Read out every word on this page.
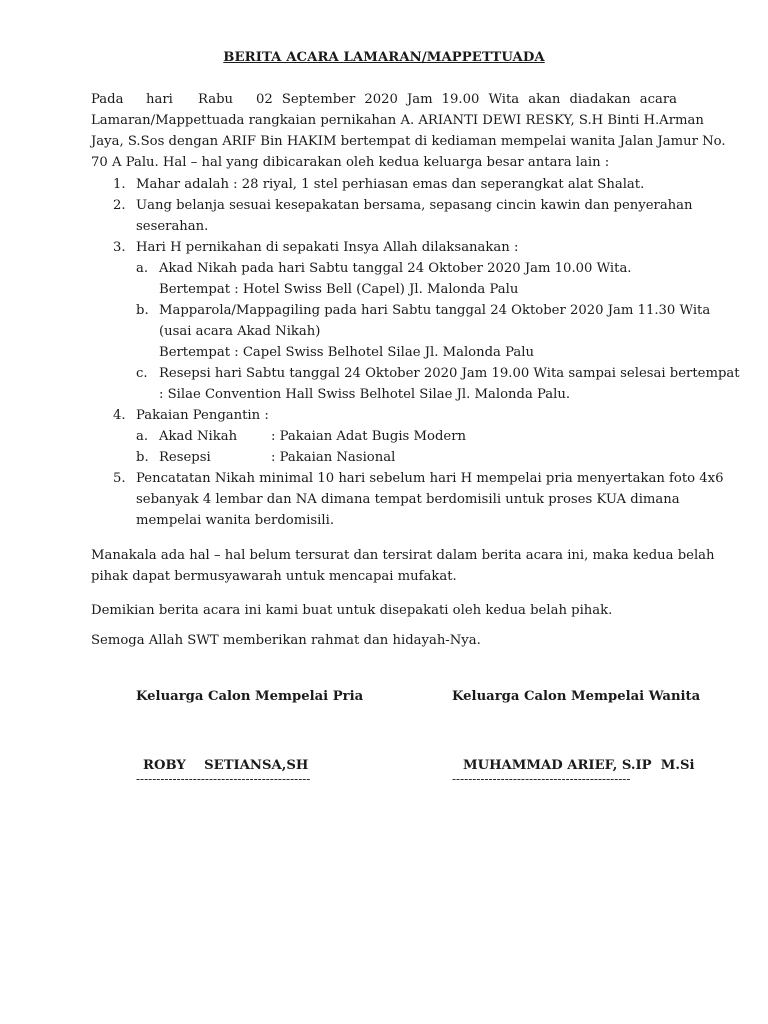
BERITA ACARA LAMARAN/MAPPETTUADA
Pada hari Rabu 02 September 2020 Jam 19.00 Wita akan diadakan acara
Lamaran/Mappettuada rangkaian pernikahan A. ARIANTI DEWI RESKY, S.H Binti H.Arman
Jaya, S.Sos dengan ARIF Bin HAKIM bertempat di kediaman mempelai wanita Jalan Jamur No.
70 A Palu. Hal – hal yang dibicarakan oleh kedua keluarga besar antara lain :
1. Mahar adalah : 28 riyal, 1 stel perhiasan emas dan seperangkat alat Shalat.
2. Uang belanja sesuai kesepakatan bersama, sepasang cincin kawin dan penyerahan
seserahan.
3. Hari H pernikahan di sepakati Insya Allah dilaksanakan :
a. Akad Nikah pada hari Sabtu tanggal 24 Oktober 2020 Jam 10.00 Wita.
Bertempat : Hotel Swiss Bell (Capel) Jl. Malonda Palu
b. Mapparola/Mappagiling pada hari Sabtu tanggal 24 Oktober 2020 Jam 11.30 Wita
(usai acara Akad Nikah)
Bertempat : Capel Swiss Belhotel Silae Jl. Malonda Palu
c. Resepsi hari Sabtu tanggal 24 Oktober 2020 Jam 19.00 Wita sampai selesai bertempat
: Silae Convention Hall Swiss Belhotel Silae Jl. Malonda Palu.
4. Pakaian Pengantin :
a. Akad Nikah	: Pakaian Adat Bugis Modern
b. Resepsi	: Pakaian Nasional
5. Pencatatan Nikah minimal 10 hari sebelum hari H mempelai pria menyertakan foto 4x6
sebanyak 4 lembar dan NA dimana tempat berdomisili untuk proses KUA dimana
mempelai wanita berdomisili.
Manakala ada hal – hal belum tersurat dan tersirat dalam berita acara ini, maka kedua belah
pihak dapat bermusyawarah untuk mencapai mufakat.
Demikian berita acara ini kami buat untuk disepakati oleh kedua belah pihak.
Semoga Allah SWT memberikan rahmat dan hidayah-Nya.
Keluarga Calon Mempelai Pria
ROBY    SETIANSA,SH
-------------------------------------------
Keluarga Calon Mempelai Wanita
MUHAMMAD ARIEF, S.IP  M.Si
--------------------------------------------
